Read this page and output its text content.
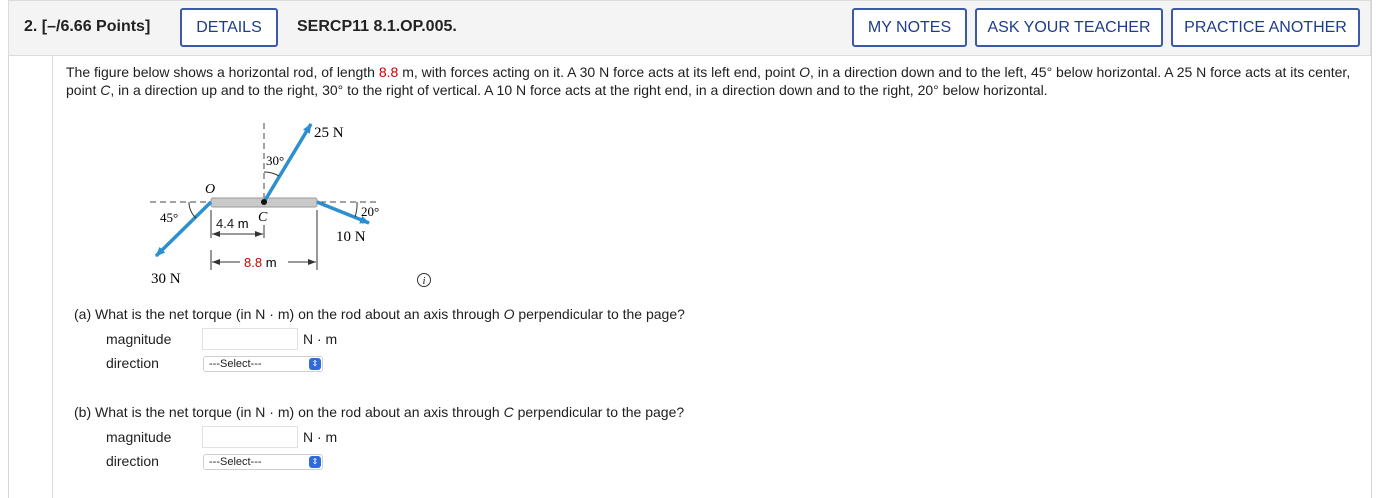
2. [–/6.66 Points]	DETAILS	SERCP11 8.1.OP.005.	MY NOTES	ASK YOUR TEACHER	PRACTICE ANOTHER
The figure below shows a horizontal rod, of length 8.8 m, with forces acting on it. A 30 N force acts at its left end, point O, in a direction down and to the left, 45° below horizontal. A 25 N force acts at its center, point C, in a direction up and to the right, 30° to the right of vertical. A 10 N force acts at the right end, in a direction down and to the right, 20° below horizontal.
25 N
30°
O
45°	C	20°
10 N
30 N
4.4 m
8.8 m
i
(a) What is the net torque (in N · m) on the rod about an axis through O perpendicular to the page?
magnitude	N · m
direction	---Select---	⇕
(b) What is the net torque (in N · m) on the rod about an axis through C perpendicular to the page?
magnitude	N · m
direction	---Select---	⇕
